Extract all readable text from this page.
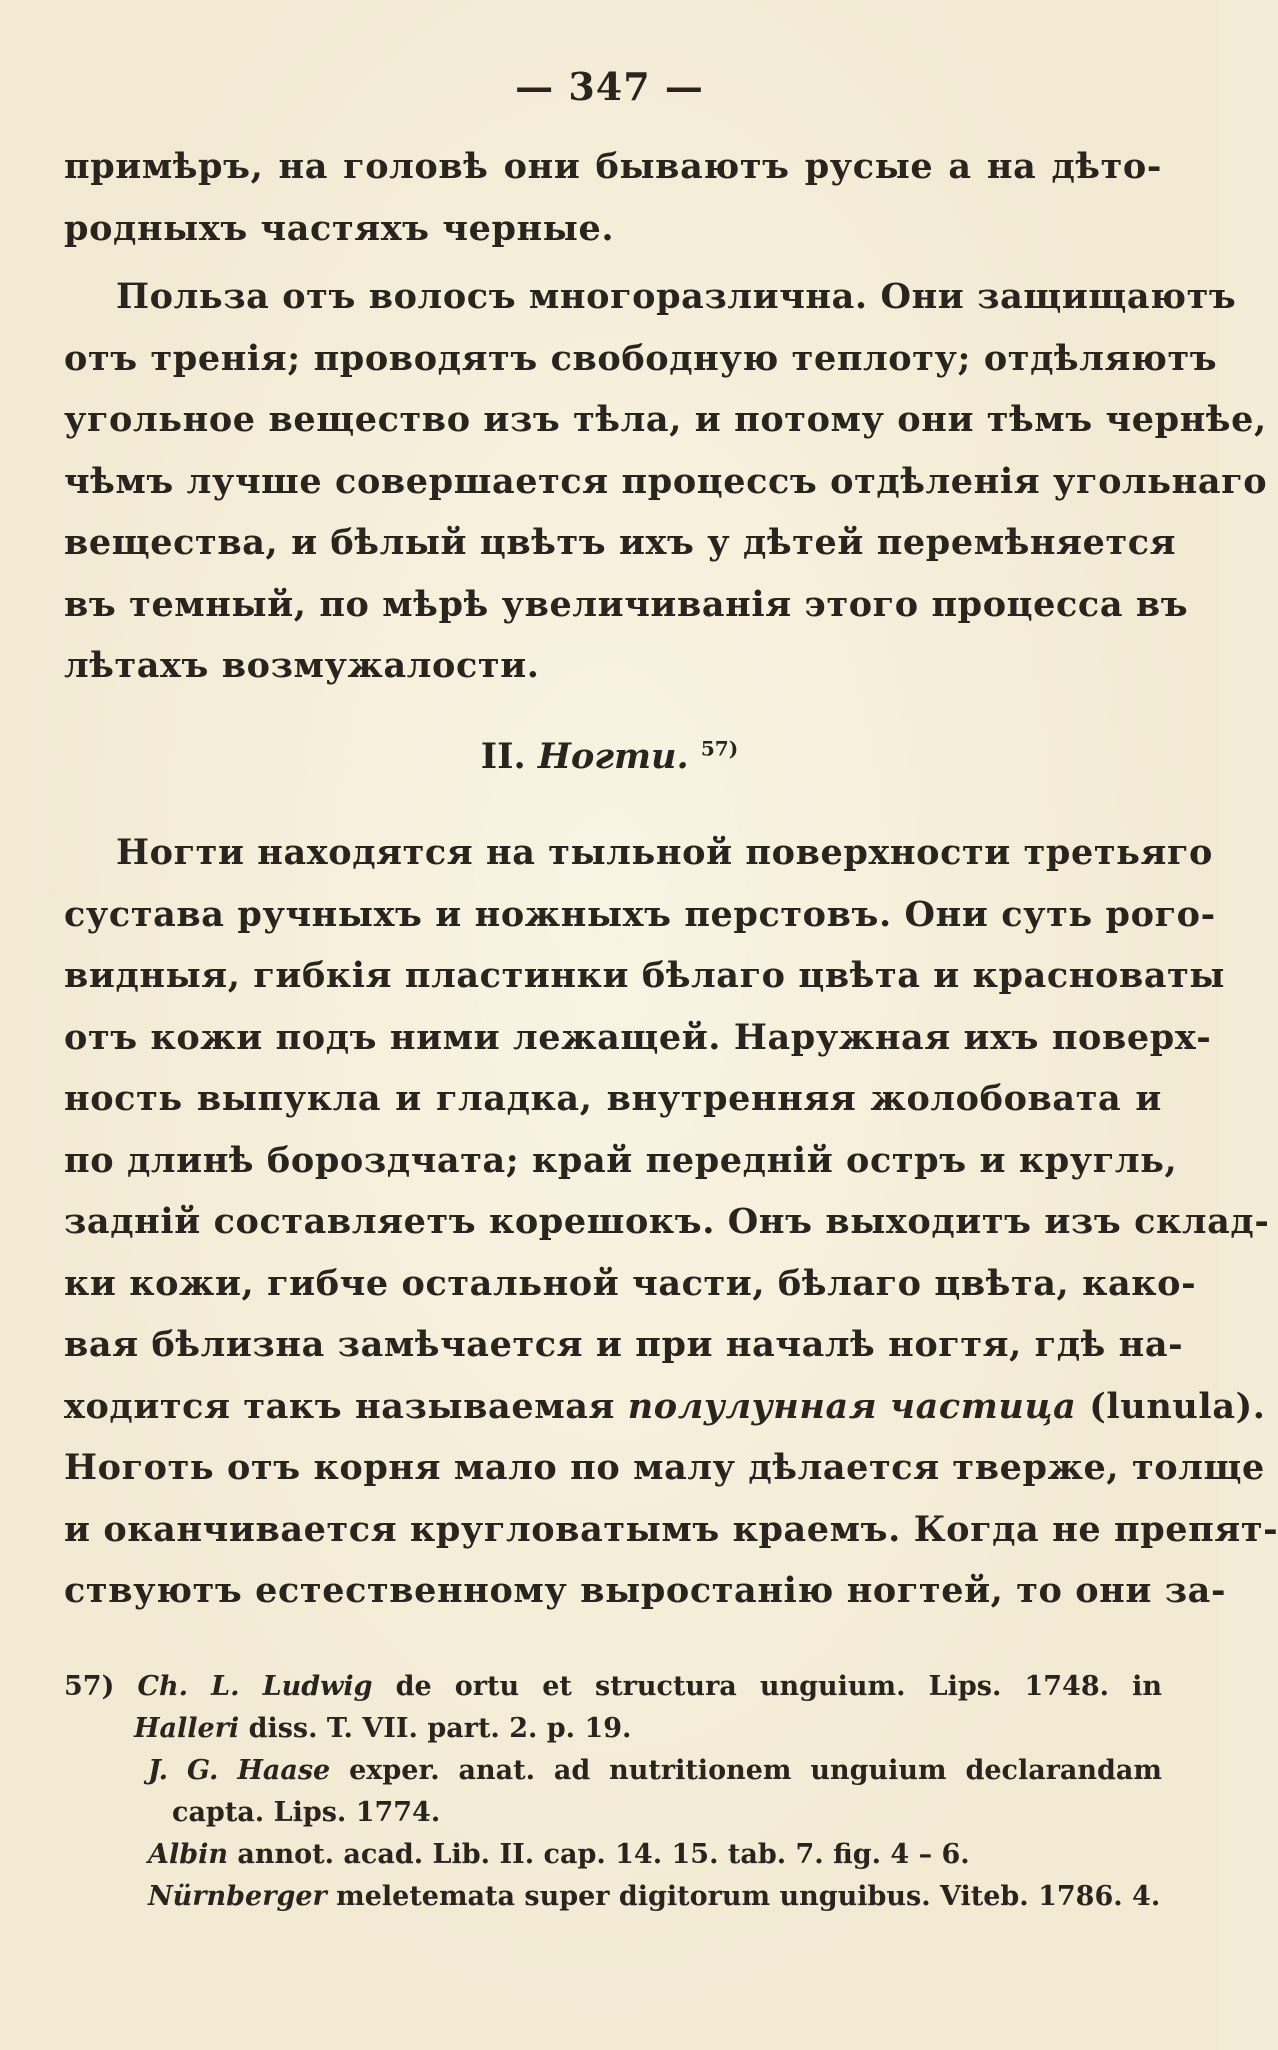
— 347 —
примѣръ, на головѣ они бываютъ русые а на дѣто-
родныхъ частяхъ черные.
Польза отъ волосъ многоразлична. Они защищаютъ
отъ тренія; проводятъ свободную теплоту; отдѣляютъ
угольное вещество изъ тѣла, и потому они тѣмъ чернѣе,
чѣмъ лучше совершается процессъ отдѣленія угольнаго
вещества, и бѣлый цвѣтъ ихъ у дѣтей перемѣняется
въ темный, по мѣрѣ увеличиванія этого процесса въ
лѣтахъ возмужалости.
II. Ногти. $^{57)}$
Ногти находятся на тыльной поверхности третьяго
сустава ручныхъ и ножныхъ перстовъ. Они суть рого-
видныя, гибкія пластинки бѣлаго цвѣта и красноваты
отъ кожи подъ ними лежащей. Наружная ихъ поверх-
ность выпукла и гладка, внутренняя жолобовата и
по длинѣ бороздчата; край передній остръ и кругль,
задній составляетъ корешокъ. Онъ выходитъ изъ склад-
ки кожи, гибче остальной части, бѣлаго цвѣта, како-
вая бѣлизна замѣчается и при началѣ ногтя, гдѣ на-
ходится такъ называемая полулунная частица (lunula).
Ноготь отъ корня мало по малу дѣлается тверже, толще
и оканчивается кругловатымъ краемъ. Когда не препят-
ствуютъ естественному выростанію ногтей, то они за-
57) Ch. L. Ludwig de ortu et structura unguium. Lips. 1748. in
Halleri diss. T. VII. part. 2. p. 19.
J. G. Haase exper. anat. ad nutritionem unguium declarandam
capta. Lips. 1774.
Albin annot. acad. Lib. II. cap. 14. 15. tab. 7. fig. 4 – 6.
Nürnberger meletemata super digitorum unguibus. Viteb. 1786. 4.
